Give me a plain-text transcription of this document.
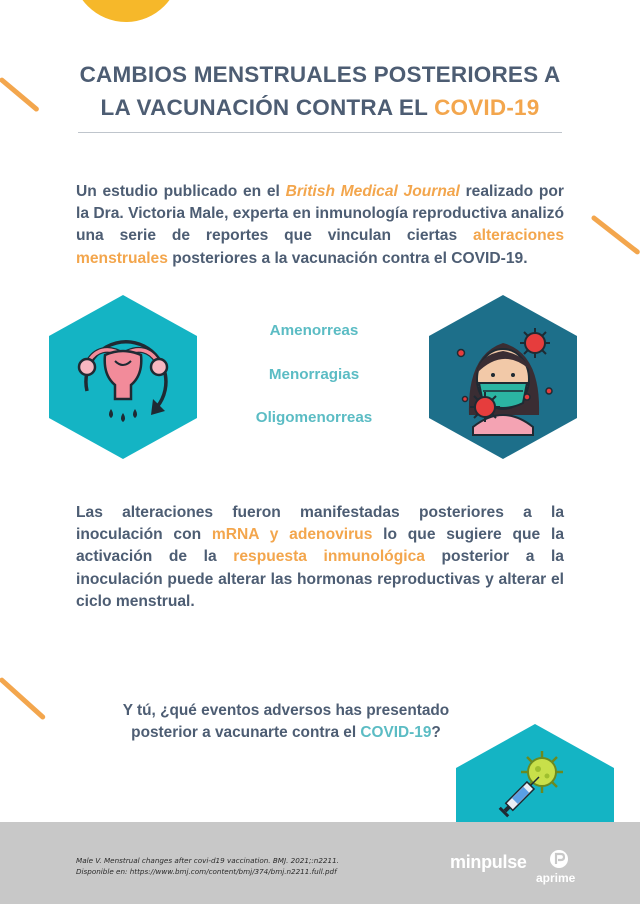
CAMBIOS MENSTRUALES POSTERIORES A
LA VACUNACIÓN CONTRA EL COVID-19
Un estudio publicado en el British Medical Journal realizado por la Dra. Victoria Male, experta en inmunología reproductiva analizó una serie de reportes que vinculan ciertas alteraciones menstruales posteriores a la vacunación contra el COVID-19.
Amenorreas
Menorragias
Oligomenorreas
Las alteraciones fueron manifestadas posteriores a la inoculación con mRNA y adenovirus lo que sugiere que la activación de la respuesta inmunológica posterior a la inoculación puede alterar las hormonas reproductivas y alterar el ciclo menstrual.
Y tú, ¿qué eventos adversos has presentado posterior a vacunarte contra el COVID-19?
Male V. Menstrual changes after covi-d19 vaccination. BMJ. 2021;:n2211.
Disponible en: https://www.bmj.com/content/bmj/374/bmj.n2211.full.pdf	minpulse
aprime
